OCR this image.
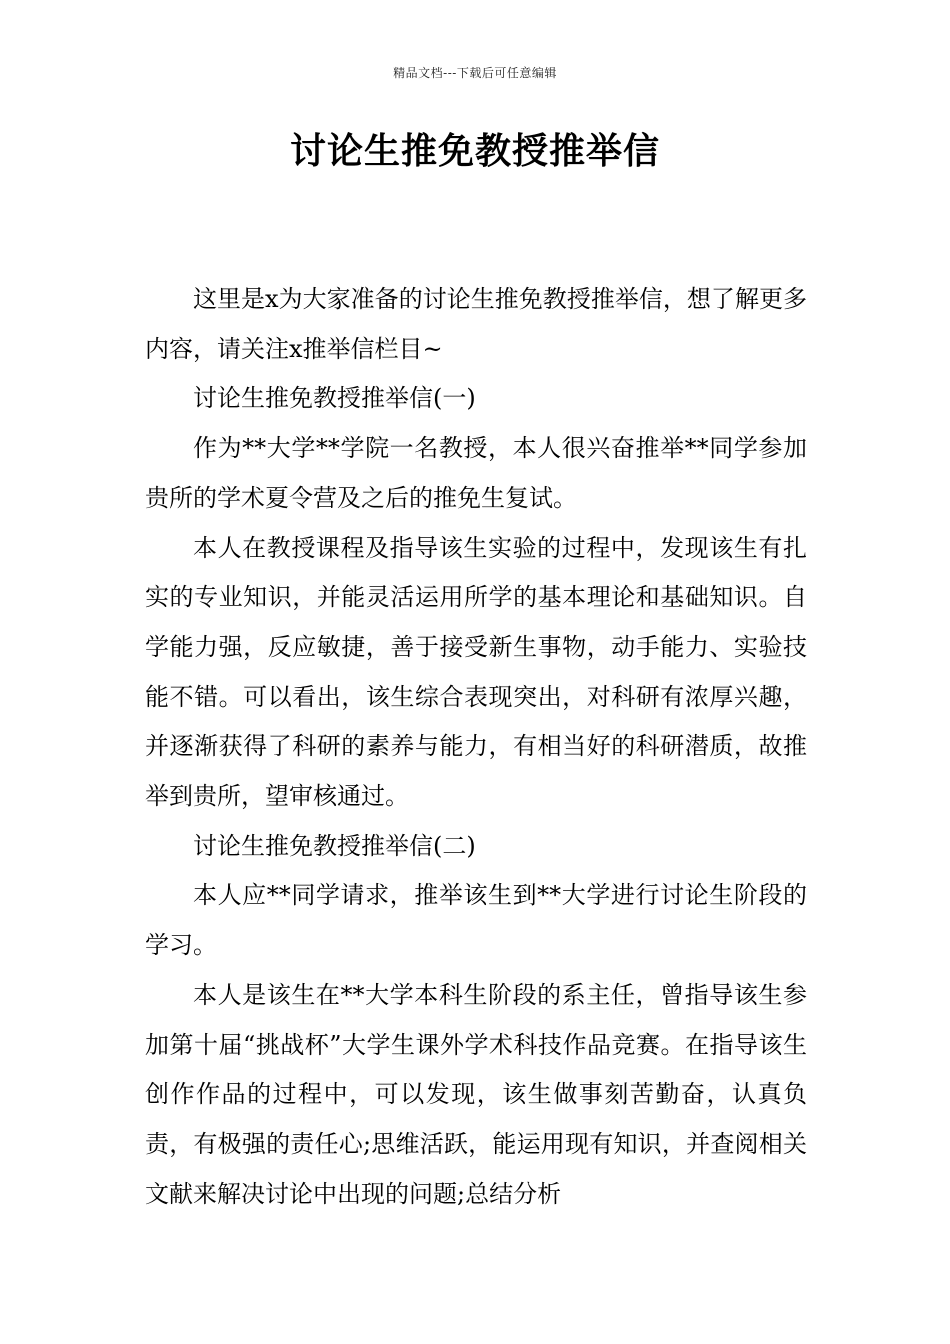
精品文档---下载后可任意编辑
讨论生推免教授推举信

这里是x为大家准备的讨论生推免教授推举信，想了解更多内容，请关注x推举信栏目~

讨论生推免教授推举信(一)

作为**大学**学院一名教授，本人很兴奋推举**同学参加贵所的学术夏令营及之后的推免生复试。

本人在教授课程及指导该生实验的过程中，发现该生有扎实的专业知识，并能灵活运用所学的基本理论和基础知识。自学能力强，反应敏捷，善于接受新生事物，动手能力、实验技能不错。可以看出，该生综合表现突出，对科研有浓厚兴趣，并逐渐获得了科研的素养与能力，有相当好的科研潜质，故推举到贵所，望审核通过。

讨论生推免教授推举信(二)

本人应**同学请求，推举该生到**大学进行讨论生阶段的学习。

本人是该生在**大学本科生阶段的系主任，曾指导该生参加第十届“挑战杯”大学生课外学术科技作品竞赛。在指导该生创作作品的过程中，可以发现，该生做事刻苦勤奋，认真负责，有极强的责任心;思维活跃，能运用现有知识，并查阅相关文献来解决讨论中出现的问题;总结分析
